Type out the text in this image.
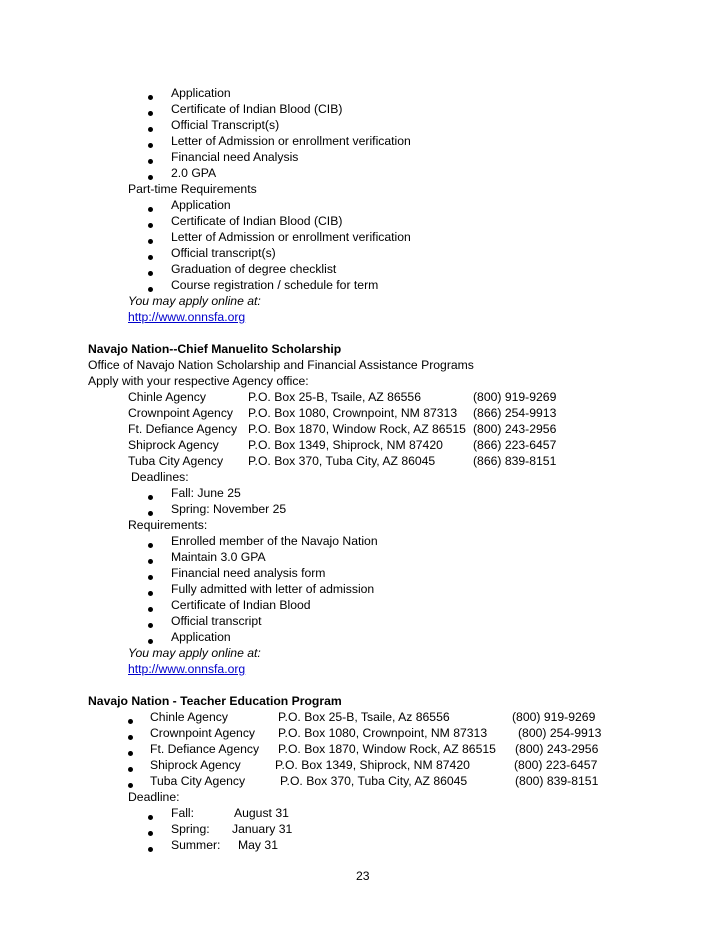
Application
Certificate of Indian Blood (CIB)
Official Transcript(s)
Letter of Admission or enrollment verification
Financial need Analysis
2.0 GPA
Part-time Requirements
Application
Certificate of Indian Blood (CIB)
Letter of Admission or enrollment verification
Official transcript(s)
Graduation of degree checklist
Course registration / schedule for term
You may apply online at:
http://www.onnsfa.org
Navajo Nation--Chief Manuelito Scholarship
Office of Navajo Nation Scholarship and Financial Assistance Programs
Apply with your respective Agency office:
Chinle Agency	P.O. Box 25-B, Tsaile, AZ 86556	(800) 919-9269
Crownpoint Agency P.O. Box 1080, Crownpoint, NM 87313 (866) 254-9913
Ft. Defiance Agency P.O. Box 1870, Window Rock, AZ 86515 (800) 243-2956
Shiprock Agency P.O. Box 1349, Shiprock, NM 87420 (866) 223-6457
Tuba City Agency P.O. Box 370, Tuba City, AZ 86045	(866) 839-8151
Deadlines:
Fall: June 25
Spring: November 25
Requirements:
Enrolled member of the Navajo Nation
Maintain 3.0 GPA
Financial need analysis form
Fully admitted with letter of admission
Certificate of Indian Blood
Official transcript
Application
You may apply online at:
http://www.onnsfa.org
Navajo Nation - Teacher Education Program
Chinle Agency	P.O. Box 25-B, Tsaile, Az 86556	(800) 919-9269
Crownpoint Agency P.O. Box 1080, Crownpoint, NM 87313	(800) 254-9913
Ft. Defiance Agency P.O. Box 1870, Window Rock, AZ 86515 (800) 243-2956
Shiprock Agency	P.O. Box 1349, Shiprock, NM 87420	(800) 223-6457
Tuba City Agency	P.O. Box 370, Tuba City, AZ 86045	(800) 839-8151
Deadline:
Fall:	August 31
Spring: January 31
Summer: May 31
23
